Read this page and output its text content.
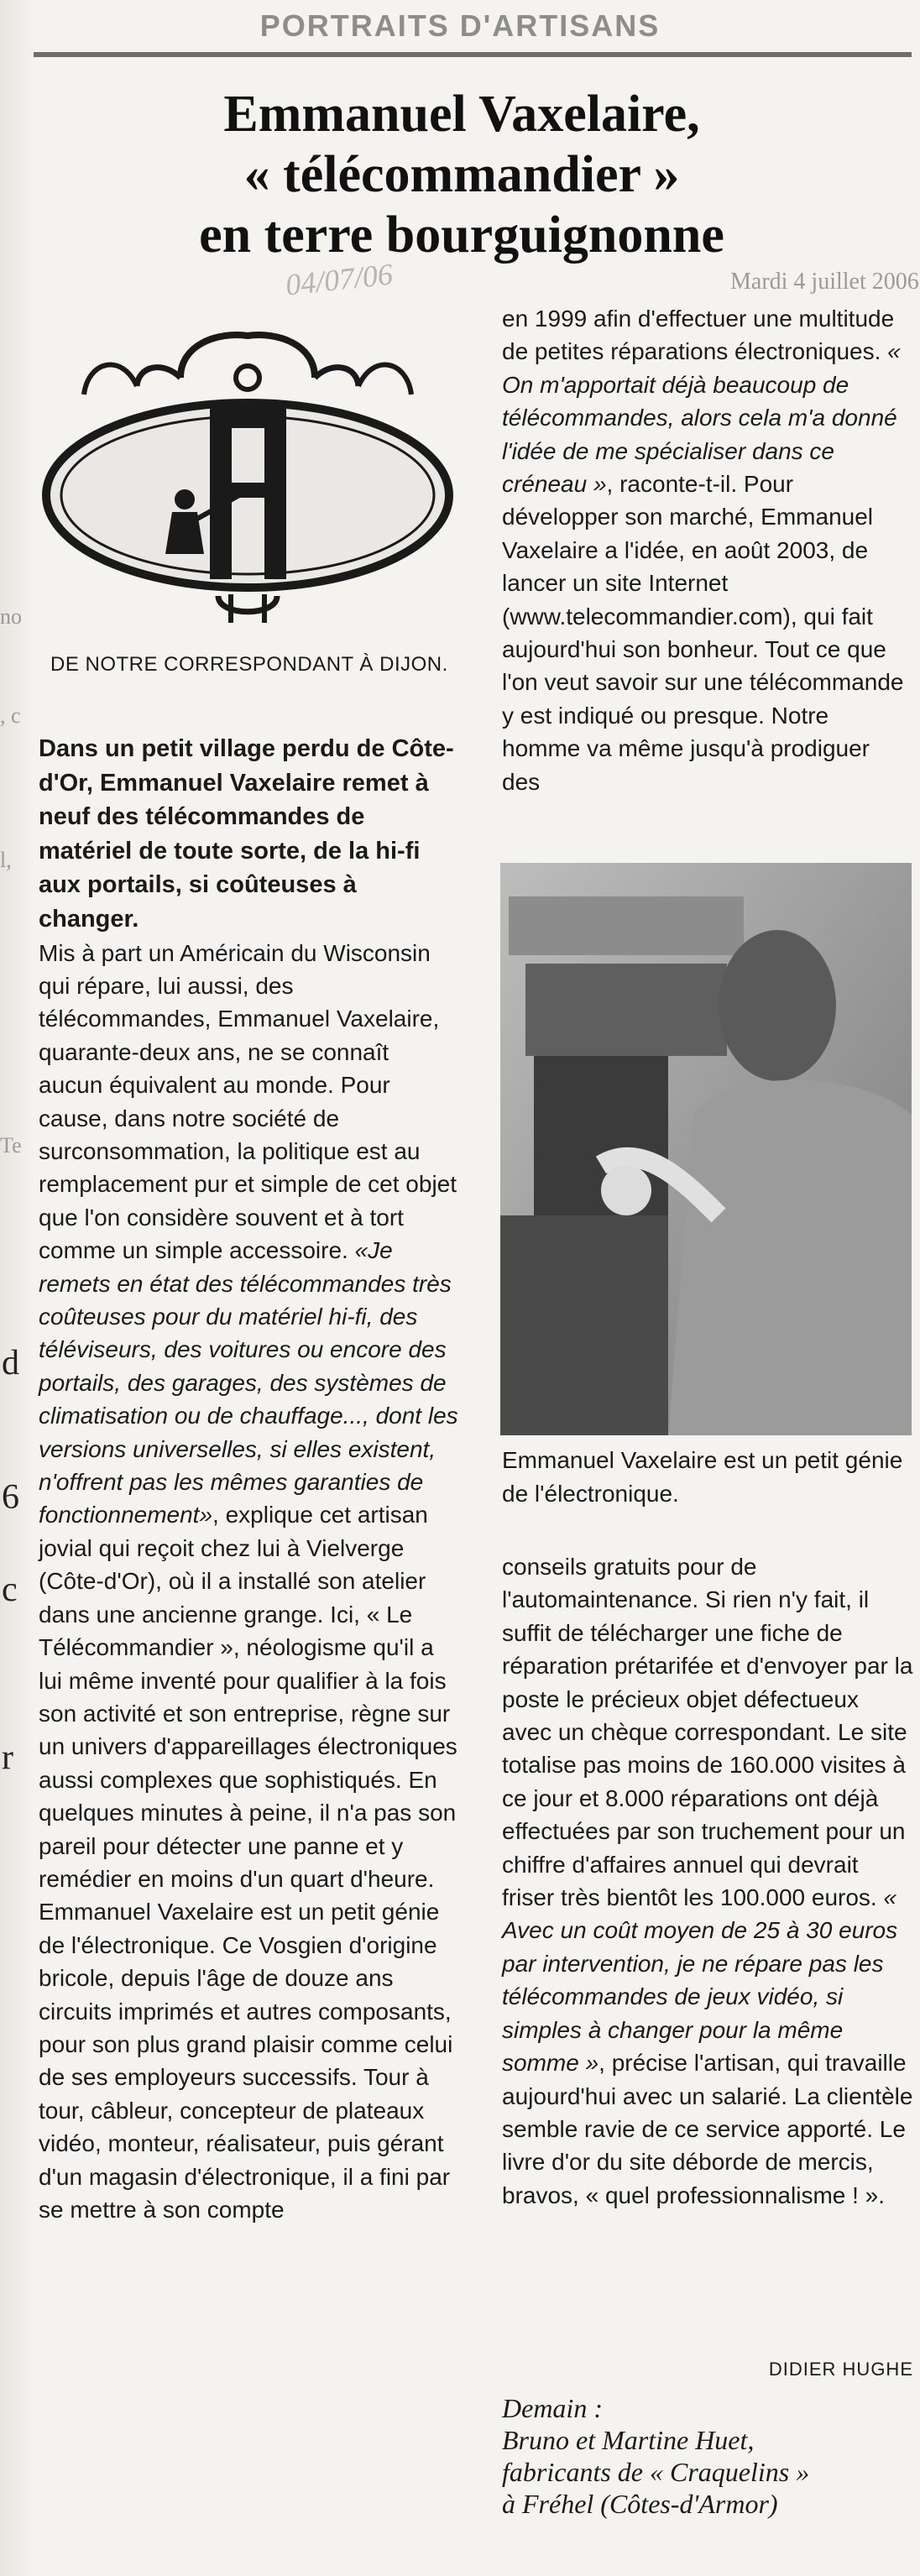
no
, c
l,
Te
Mardi 4 juillet 2006
PORTRAITS D'ARTISANS
Emmanuel Vaxelaire,
« télécommandier »
en terre bourguignonne
04/07/06
DE NOTRE CORRESPONDANT À DIJON.

Dans un petit village perdu de Côte-d'Or, Emmanuel Vaxelaire remet à neuf des télécommandes de matériel de toute sorte, de la hi-fi aux portails, si coûteuses à changer.

Mis à part un Américain du Wisconsin qui répare, lui aussi, des télécommandes, Emmanuel Vaxelaire, quarante-deux ans, ne se connaît aucun équivalent au monde. Pour cause, dans notre société de surconsommation, la politique est au remplacement pur et simple de cet objet que l'on considère souvent et à tort comme un simple accessoire. «Je remets en état des télécommandes très coûteuses pour du matériel hi-fi, des téléviseurs, des voitures ou encore des portails, des garages, des systèmes de climatisation ou de chauffage..., dont les versions universelles, si elles existent, n'offrent pas les mêmes garanties de fonctionnement», explique cet artisan jovial qui reçoit chez lui à Vielverge (Côte-d'Or), où il a installé son atelier dans une ancienne grange. Ici, « Le Télécommandier », néologisme qu'il a lui même inventé pour qualifier à la fois son activité et son entreprise, règne sur un univers d'appareillages électroniques aussi complexes que sophistiqués. En quelques minutes à peine, il n'a pas son pareil pour détecter une panne et y remédier en moins d'un quart d'heure. Emmanuel Vaxelaire est un petit génie de l'électronique. Ce Vosgien d'origine bricole, depuis l'âge de douze ans circuits imprimés et autres composants, pour son plus grand plaisir comme celui de ses employeurs successifs. Tour à tour, câbleur, concepteur de plateaux vidéo, monteur, réalisateur, puis gérant d'un magasin d'électronique, il a fini par se mettre à son compte

en 1999 afin d'effectuer une multitude de petites réparations électroniques. « On m'apportait déjà beaucoup de télécommandes, alors cela m'a donné l'idée de me spécialiser dans ce créneau », raconte-t-il. Pour développer son marché, Emmanuel Vaxelaire a l'idée, en août 2003, de lancer un site Internet (www.telecommandier.com), qui fait aujourd'hui son bonheur. Tout ce que l'on veut savoir sur une télécommande y est indiqué ou presque. Notre homme va même jusqu'à prodiguer des

Emmanuel Vaxelaire est un petit génie de l'électronique.

conseils gratuits pour de l'automaintenance. Si rien n'y fait, il suffit de télécharger une fiche de réparation prétarifée et d'envoyer par la poste le précieux objet défectueux avec un chèque correspondant. Le site totalise pas moins de 160.000 visites à ce jour et 8.000 réparations ont déjà effectuées par son truchement pour un chiffre d'affaires annuel qui devrait friser très bientôt les 100.000 euros. « Avec un coût moyen de 25 à 30 euros par intervention, je ne répare pas les télécommandes de jeux vidéo, si simples à changer pour la même somme », précise l'artisan, qui travaille aujourd'hui avec un salarié. La clientèle semble ravie de ce service apporté. Le livre d'or du site déborde de mercis, bravos, « quel professionnalisme ! ».

DIDIER HUGHE
Demain :
Bruno et Martine Huet,
fabricants de « Craquelins »
à Fréhel (Côtes-d'Armor)
d
6
c
r
